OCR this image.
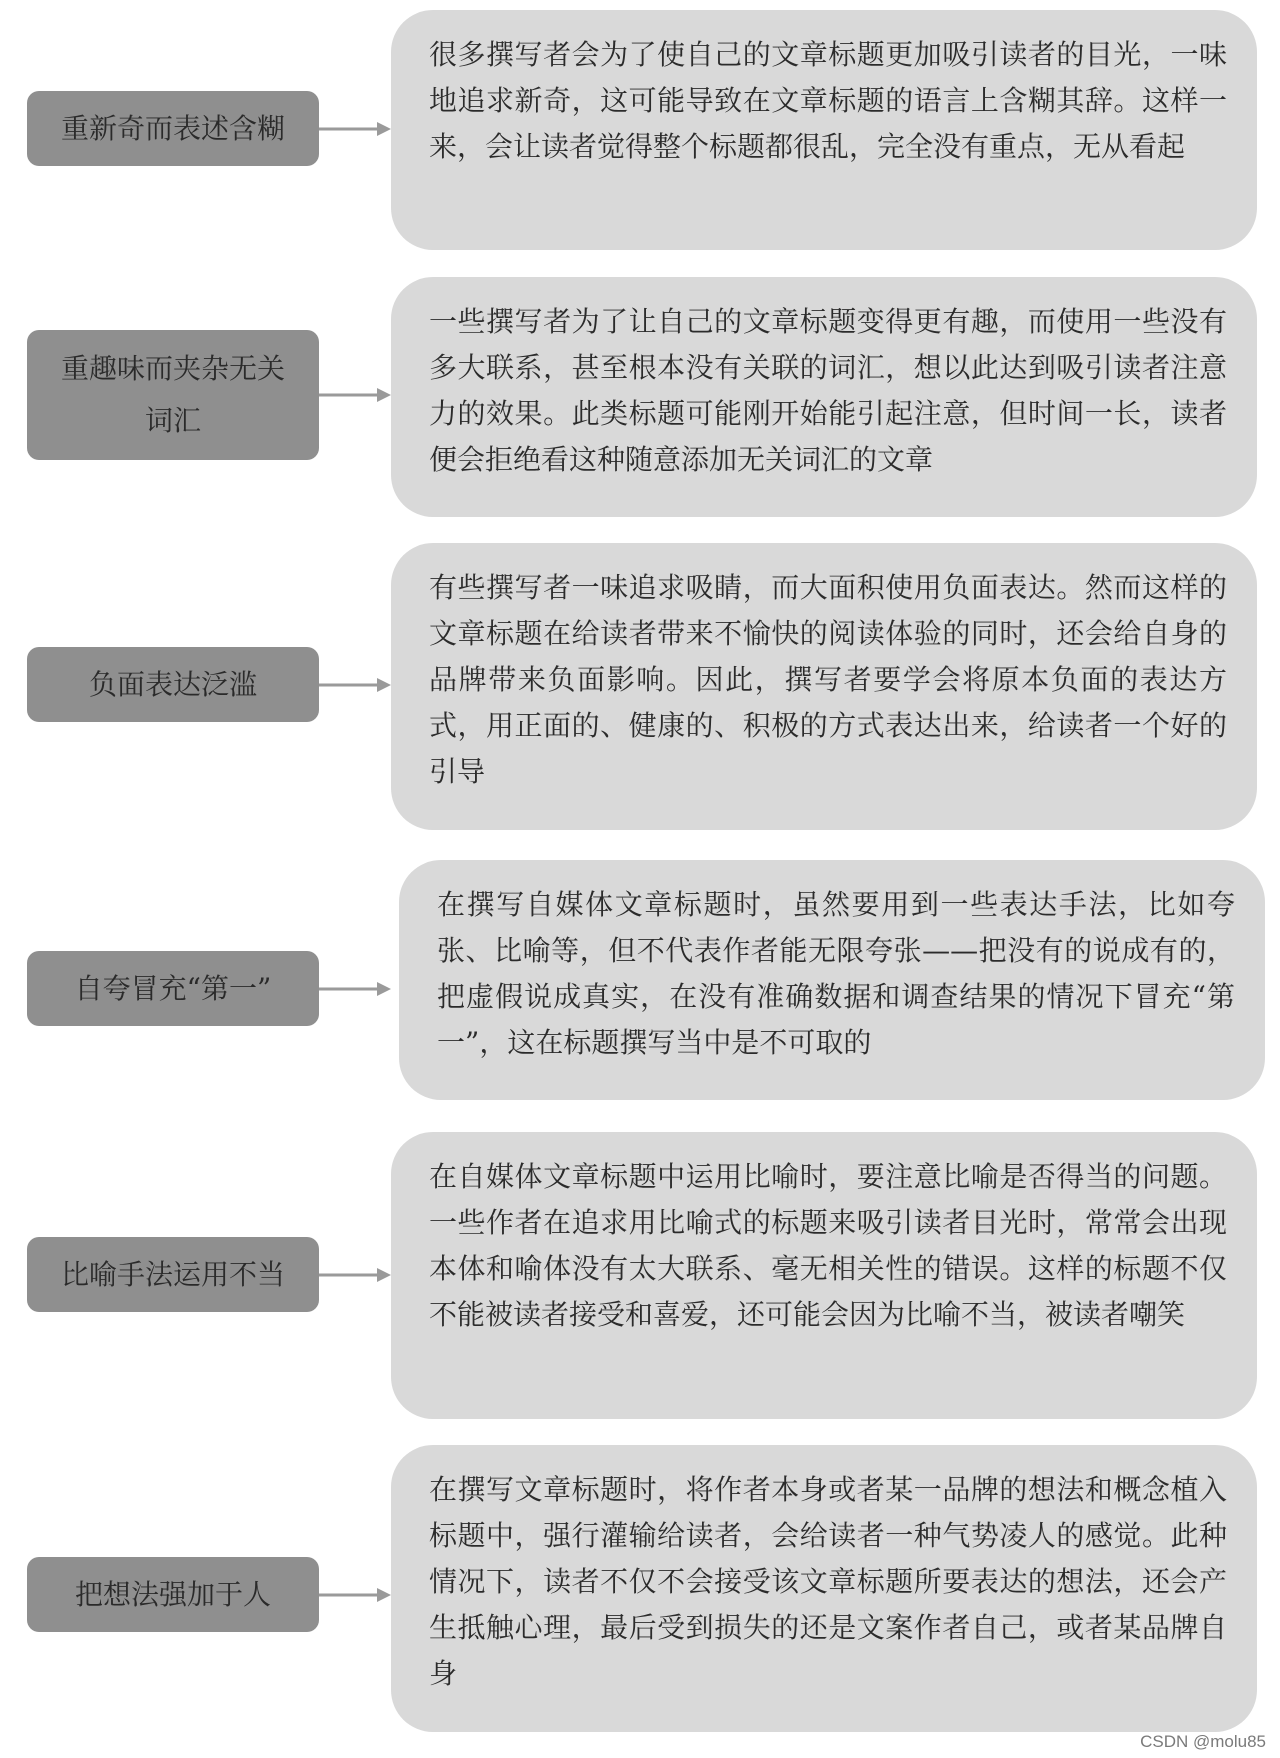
重新奇而表述含糊
很多撰写者会为了使自己的文章标题更加吸引读者的目光，一味地追求新奇，这可能导致在文章标题的语言上含糊其辞。这样一来，会让读者觉得整个标题都很乱，完全没有重点，无从看起
重趣味而夹杂无关词汇
一些撰写者为了让自己的文章标题变得更有趣，而使用一些没有多大联系，甚至根本没有关联的词汇，想以此达到吸引读者注意力的效果。此类标题可能刚开始能引起注意，但时间一长，读者便会拒绝看这种随意添加无关词汇的文章
负面表达泛滥
有些撰写者一味追求吸睛，而大面积使用负面表达。然而这样的文章标题在给读者带来不愉快的阅读体验的同时，还会给自身的品牌带来负面影响。因此，撰写者要学会将原本负面的表达方式，用正面的、健康的、积极的方式表达出来，给读者一个好的引导
自夸冒充“第一”
在撰写自媒体文章标题时，虽然要用到一些表达手法，比如夸张、比喻等，但不代表作者能无限夸张——把没有的说成有的，把虚假说成真实，在没有准确数据和调查结果的情况下冒充“第一”，这在标题撰写当中是不可取的
比喻手法运用不当
在自媒体文章标题中运用比喻时，要注意比喻是否得当的问题。一些作者在追求用比喻式的标题来吸引读者目光时，常常会出现本体和喻体没有太大联系、毫无相关性的错误。这样的标题不仅不能被读者接受和喜爱，还可能会因为比喻不当，被读者嘲笑
把想法强加于人
在撰写文章标题时，将作者本身或者某一品牌的想法和概念植入标题中，强行灌输给读者，会给读者一种气势凌人的感觉。此种情况下，读者不仅不会接受该文章标题所要表达的想法，还会产生抵触心理，最后受到损失的还是文案作者自己，或者某品牌自身
CSDN @molu85
